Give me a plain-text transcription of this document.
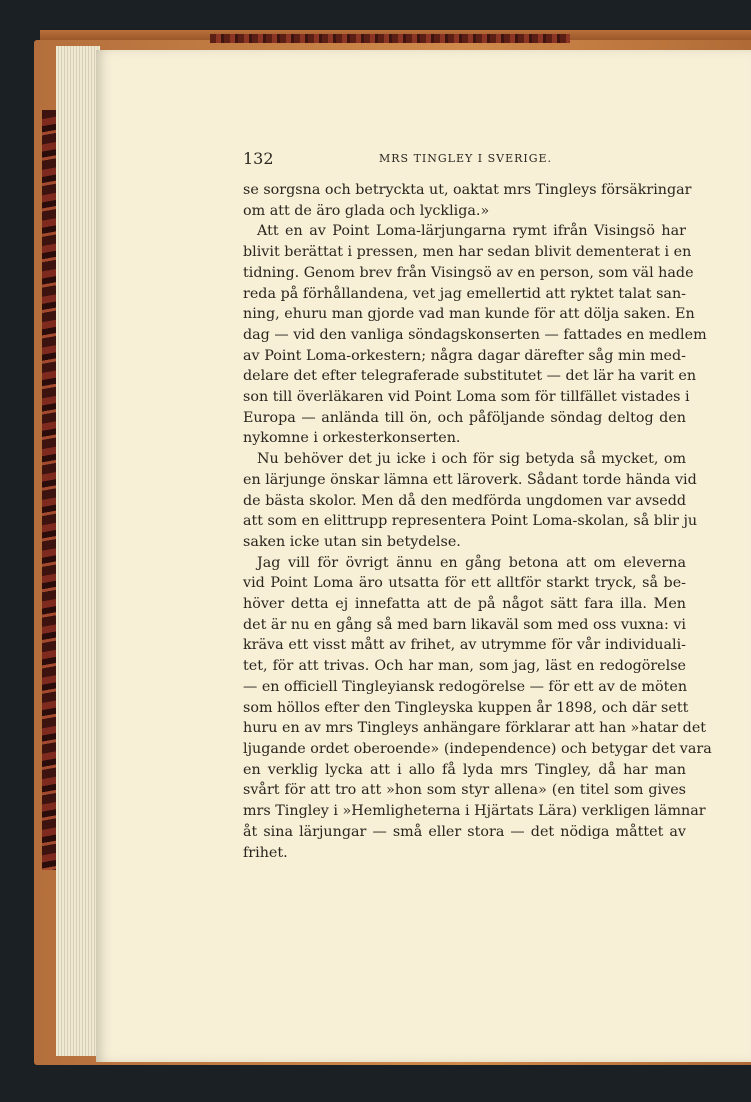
132	MRS TINGLEY I SVERIGE.
se sorgsna och betryckta ut, oaktat mrs Tingleys försäkringar
om att de äro glada och lyckliga.»
Att en av Point Loma-lärjungarna rymt ifrån Visingsö har
blivit berättat i pressen, men har sedan blivit dementerat i en
tidning. Genom brev från Visingsö av en person, som väl hade
reda på förhållandena, vet jag emellertid att ryktet talat san-
ning, ehuru man gjorde vad man kunde för att dölja saken. En
dag — vid den vanliga söndagskonserten — fattades en medlem
av Point Loma-orkestern; några dagar därefter såg min med-
delare det efter telegraferade substitutet — det lär ha varit en
son till överläkaren vid Point Loma som för tillfället vistades i
Europa — anlända till ön, och påföljande söndag deltog den
nykomne i orkesterkonserten.
Nu behöver det ju icke i och för sig betyda så mycket, om
en lärjunge önskar lämna ett läroverk. Sådant torde hända vid
de bästa skolor. Men då den medförda ungdomen var avsedd
att som en elittrupp representera Point Loma-skolan, så blir ju
saken icke utan sin betydelse.
Jag vill för övrigt ännu en gång betona att om eleverna
vid Point Loma äro utsatta för ett alltför starkt tryck, så be-
höver detta ej innefatta att de på något sätt fara illa. Men
det är nu en gång så med barn likaväl som med oss vuxna: vi
kräva ett visst mått av frihet, av utrymme för vår individuali-
tet, för att trivas. Och har man, som jag, läst en redogörelse
— en officiell Tingleyiansk redogörelse — för ett av de möten
som höllos efter den Tingleyska kuppen år 1898, och där sett
huru en av mrs Tingleys anhängare förklarar att han »hatar det
ljugande ordet oberoende» (independence) och betygar det vara
en verklig lycka att i allo få lyda mrs Tingley, då har man
svårt för att tro att »hon som styr allena» (en titel som gives
mrs Tingley i »Hemligheterna i Hjärtats Lära) verkligen lämnar
åt sina lärjungar — små eller stora — det nödiga måttet av
frihet.
